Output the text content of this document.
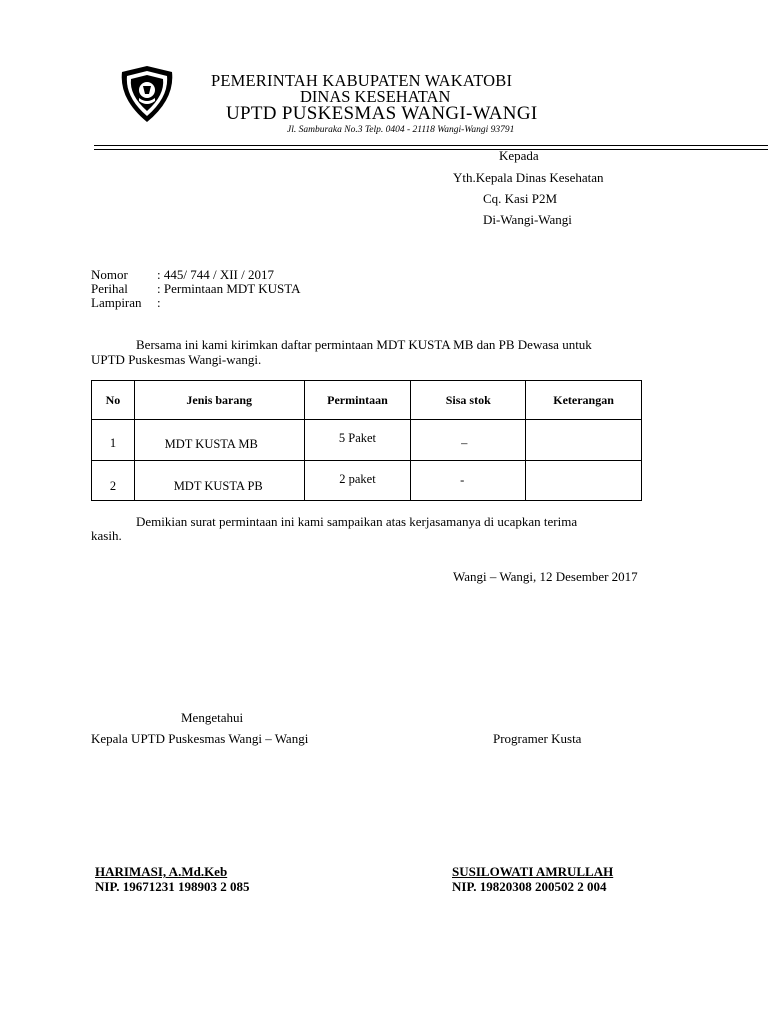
PEMERINTAH KABUPATEN WAKATOBI
DINAS KESEHATAN
UPTD PUSKESMAS WANGI-WANGI
Jl. Samburaka No.3 Telp. 0404 - 21118 Wangi-Wangi 93791
Kepada
Yth.Kepala Dinas Kesehatan
Cq. Kasi P2M
Di-Wangi-Wangi
Nomor : 445/ 744 / XII / 2017
Perihal : Permintaan MDT KUSTA
Lampiran :
Bersama ini kami kirimkan daftar permintaan MDT KUSTA MB dan PB Dewasa untuk
UPTD Puskesmas Wangi-wangi.
No	Jenis barang	Permintaan	Sisa stok	Keterangan

1	MDT KUSTA MB	5 Paket	–	

2	MDT KUSTA PB	2 paket	-	

Demikian surat permintaan ini kami sampaikan atas kerjasamanya di ucapkan terima
kasih.
Wangi – Wangi, 12 Desember 2017
Mengetahui
Kepala UPTD Puskesmas Wangi – Wangi	Programer Kusta
HARIMASI, A.Md.Keb
NIP. 19671231 198903 2 085
SUSILOWATI AMRULLAH
NIP. 19820308 200502 2 004
